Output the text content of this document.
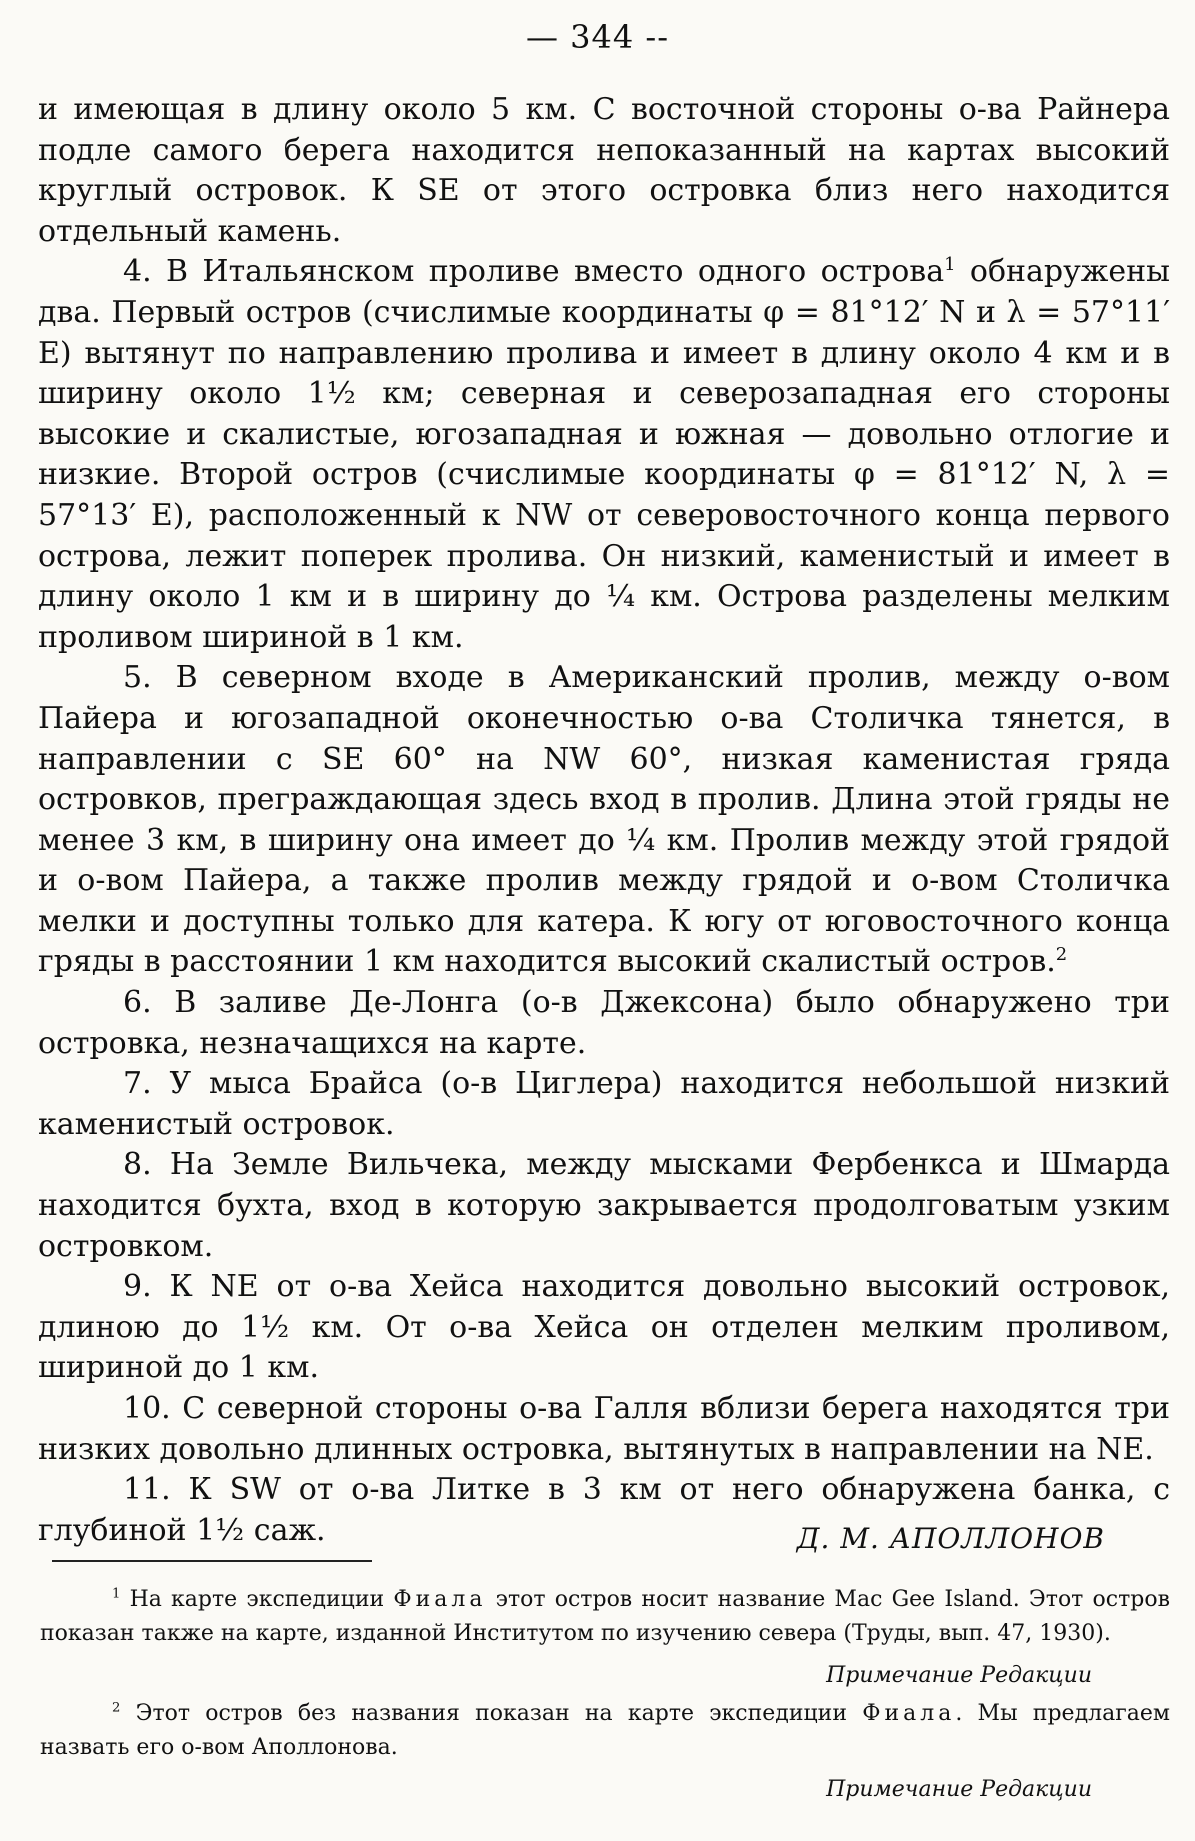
— 344 --

и имеющая в длину около 5 км. С восточной стороны о-ва Райнера подле самого берега находится непоказанный на картах высокий круглый островок. К SE от этого островка близ него находится отдельный камень.

4. В Итальянском проливе вместо одного острова$^1$ обнаружены два. Первый остров (счислимые координаты φ = 81°12′ N и λ = 57°11′ E) вытянут по направлению пролива и имеет в длину около 4 км и в ширину около 1½ км; северная и северозападная его стороны высокие и скалистые, югозападная и южная — довольно отлогие и низкие. Второй остров (счислимые координаты φ = 81°12′ N, λ = 57°13′ E), расположенный к NW от северовосточного конца первого острова, лежит поперек пролива. Он низкий, каменистый и имеет в длину около 1 км и в ширину до ¼ км. Острова разделены мелким проливом шириной в 1 км.

5. В северном входе в Американский пролив, между о-вом Пайера и югозападной оконечностью о-ва Столичка тянется, в направлении с SE 60° на NW 60°, низкая каменистая гряда островков, преграждающая здесь вход в пролив. Длина этой гряды не менее 3 км, в ширину она имеет до ¼ км. Пролив между этой грядой и о-вом Пайера, а также пролив между грядой и о-вом Столичка мелки и доступны только для катера. К югу от юговосточного конца гряды в расстоянии 1 км находится высокий скалистый остров.$^2$

6. В заливе Де-Лонга (о-в Джексона) было обнаружено три островка, незначащихся на карте.

7. У мыса Брайса (о-в Циглера) находится небольшой низкий каменистый островок.

8. На Земле Вильчека, между мысками Фербенкса и Шмарда находится бухта, вход в которую закрывается продолговатым узким островком.

9. К NE от о-ва Хейса находится довольно высокий островок, длиною до 1½ км. От о-ва Хейса он отделен мелким проливом, шириной до 1 км.

10. С северной стороны о-ва Галля вблизи берега находятся три низких довольно длинных островка, вытянутых в направлении на NE.

11. К SW от о-ва Литке в 3 км от него обнаружена банка, с глубиной 1½ саж.	Д. М. АПОЛЛОНОВ

$^1$ На карте экспедиции Фиала этот остров носит название Mac Gee Island. Этот остров показан также на карте, изданной Институтом по изучению севера (Труды, вып. 47, 1930).

Примечание Редакции

$^2$ Этот остров без названия показан на карте экспедиции Фиала. Мы предлагаем назвать его о-вом Аполлонова.

Примечание Редакции
